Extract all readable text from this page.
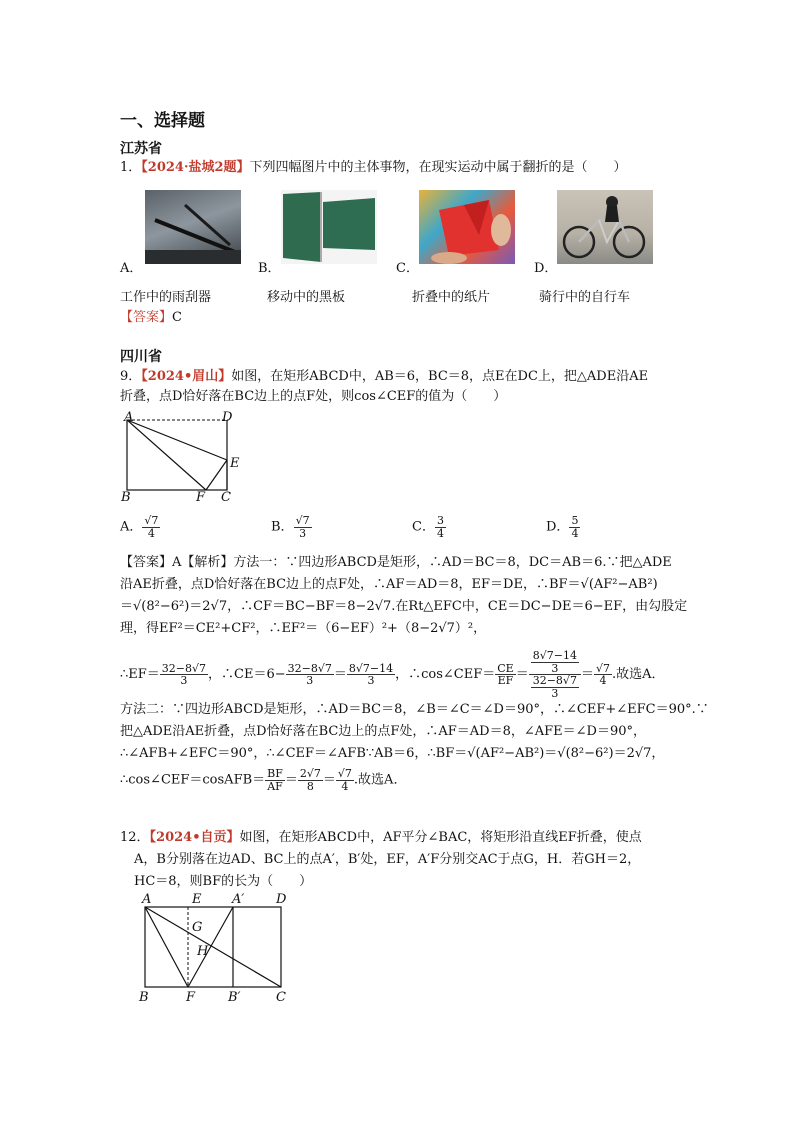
一、选择题
江苏省
1．【2024·盐城2题】下列四幅图片中的主体事物，在现实运动中属于翻折的是（　　）
A．	B．	C．	D．
工作中的雨刮器	移动中的黑板	折叠中的纸片	骑行中的自行车
【答案】C
四川省
9．【2024•眉山】如图，在矩形ABCD中，AB＝6，BC＝8，点E在DC上，把△ADE沿AE
折叠，点D恰好落在BC边上的点F处，则cos∠CEF的值为（　　）
A	D
E
B	F C
A． $\frac{√7}{4}$	B． $\frac{√7}{3}$	C． $\frac{3}{4}$	D． $\frac{5}{4}$
【答案】A【解析】方法一：∵四边形ABCD是矩形，∴AD＝BC＝8，DC＝AB＝6.∵把△ADE
沿AE折叠，点D恰好落在BC边上的点F处，∴AF＝AD＝8，EF＝DE，∴BF＝√(AF²−AB²)
＝√(8²−6²)＝2√7，∴CF＝BC−BF＝8−2√7.在Rt△EFC中，CE＝DC−DE＝6−EF，由勾股定
理，得EF²＝CE²+CF²，∴EF²＝（6−EF）²+（8−2√7）²，
∴EF＝ $\frac{32-8√7}{3}$ ，∴CE＝6− $\frac{32-8√7}{3} = \frac{8√7-14}{3}$ ，∴cos∠CEF＝ $\frac{CE}{EF} = \frac{\frac{8√7-14}{3}}{\frac{32-8√7}{3}} = \frac{√7}{4}$ .故选A．
方法二：∵四边形ABCD是矩形，∴AD＝BC＝8，∠B＝∠C＝∠D＝90°，∴∠CEF+∠EFC＝90°.∵
把△ADE沿AE折叠，点D恰好落在BC边上的点F处，∴AF＝AD＝8，∠AFE＝∠D＝90°，
∴∠AFB+∠EFC＝90°，∴∠CEF＝∠AFB∵AB＝6，∴BF＝√(AF²−AB²)＝√(8²−6²)＝2√7，
∴cos∠CEF＝cosAFB＝ $\frac{BF}{AF} = \frac{2√7}{8} = \frac{√7}{4}$ .故选A．
12．【2024•自贡】如图，在矩形ABCD中，AF平分∠BAC，将矩形沿直线EF折叠，使点
A，B分别落在边AD、BC上的点A′，B′处，EF，A′F分别交AC于点G，H．若GH＝2，
HC＝8，则BF的长为（　　）
A	E A′ D
G
H
B	F	B′	C
